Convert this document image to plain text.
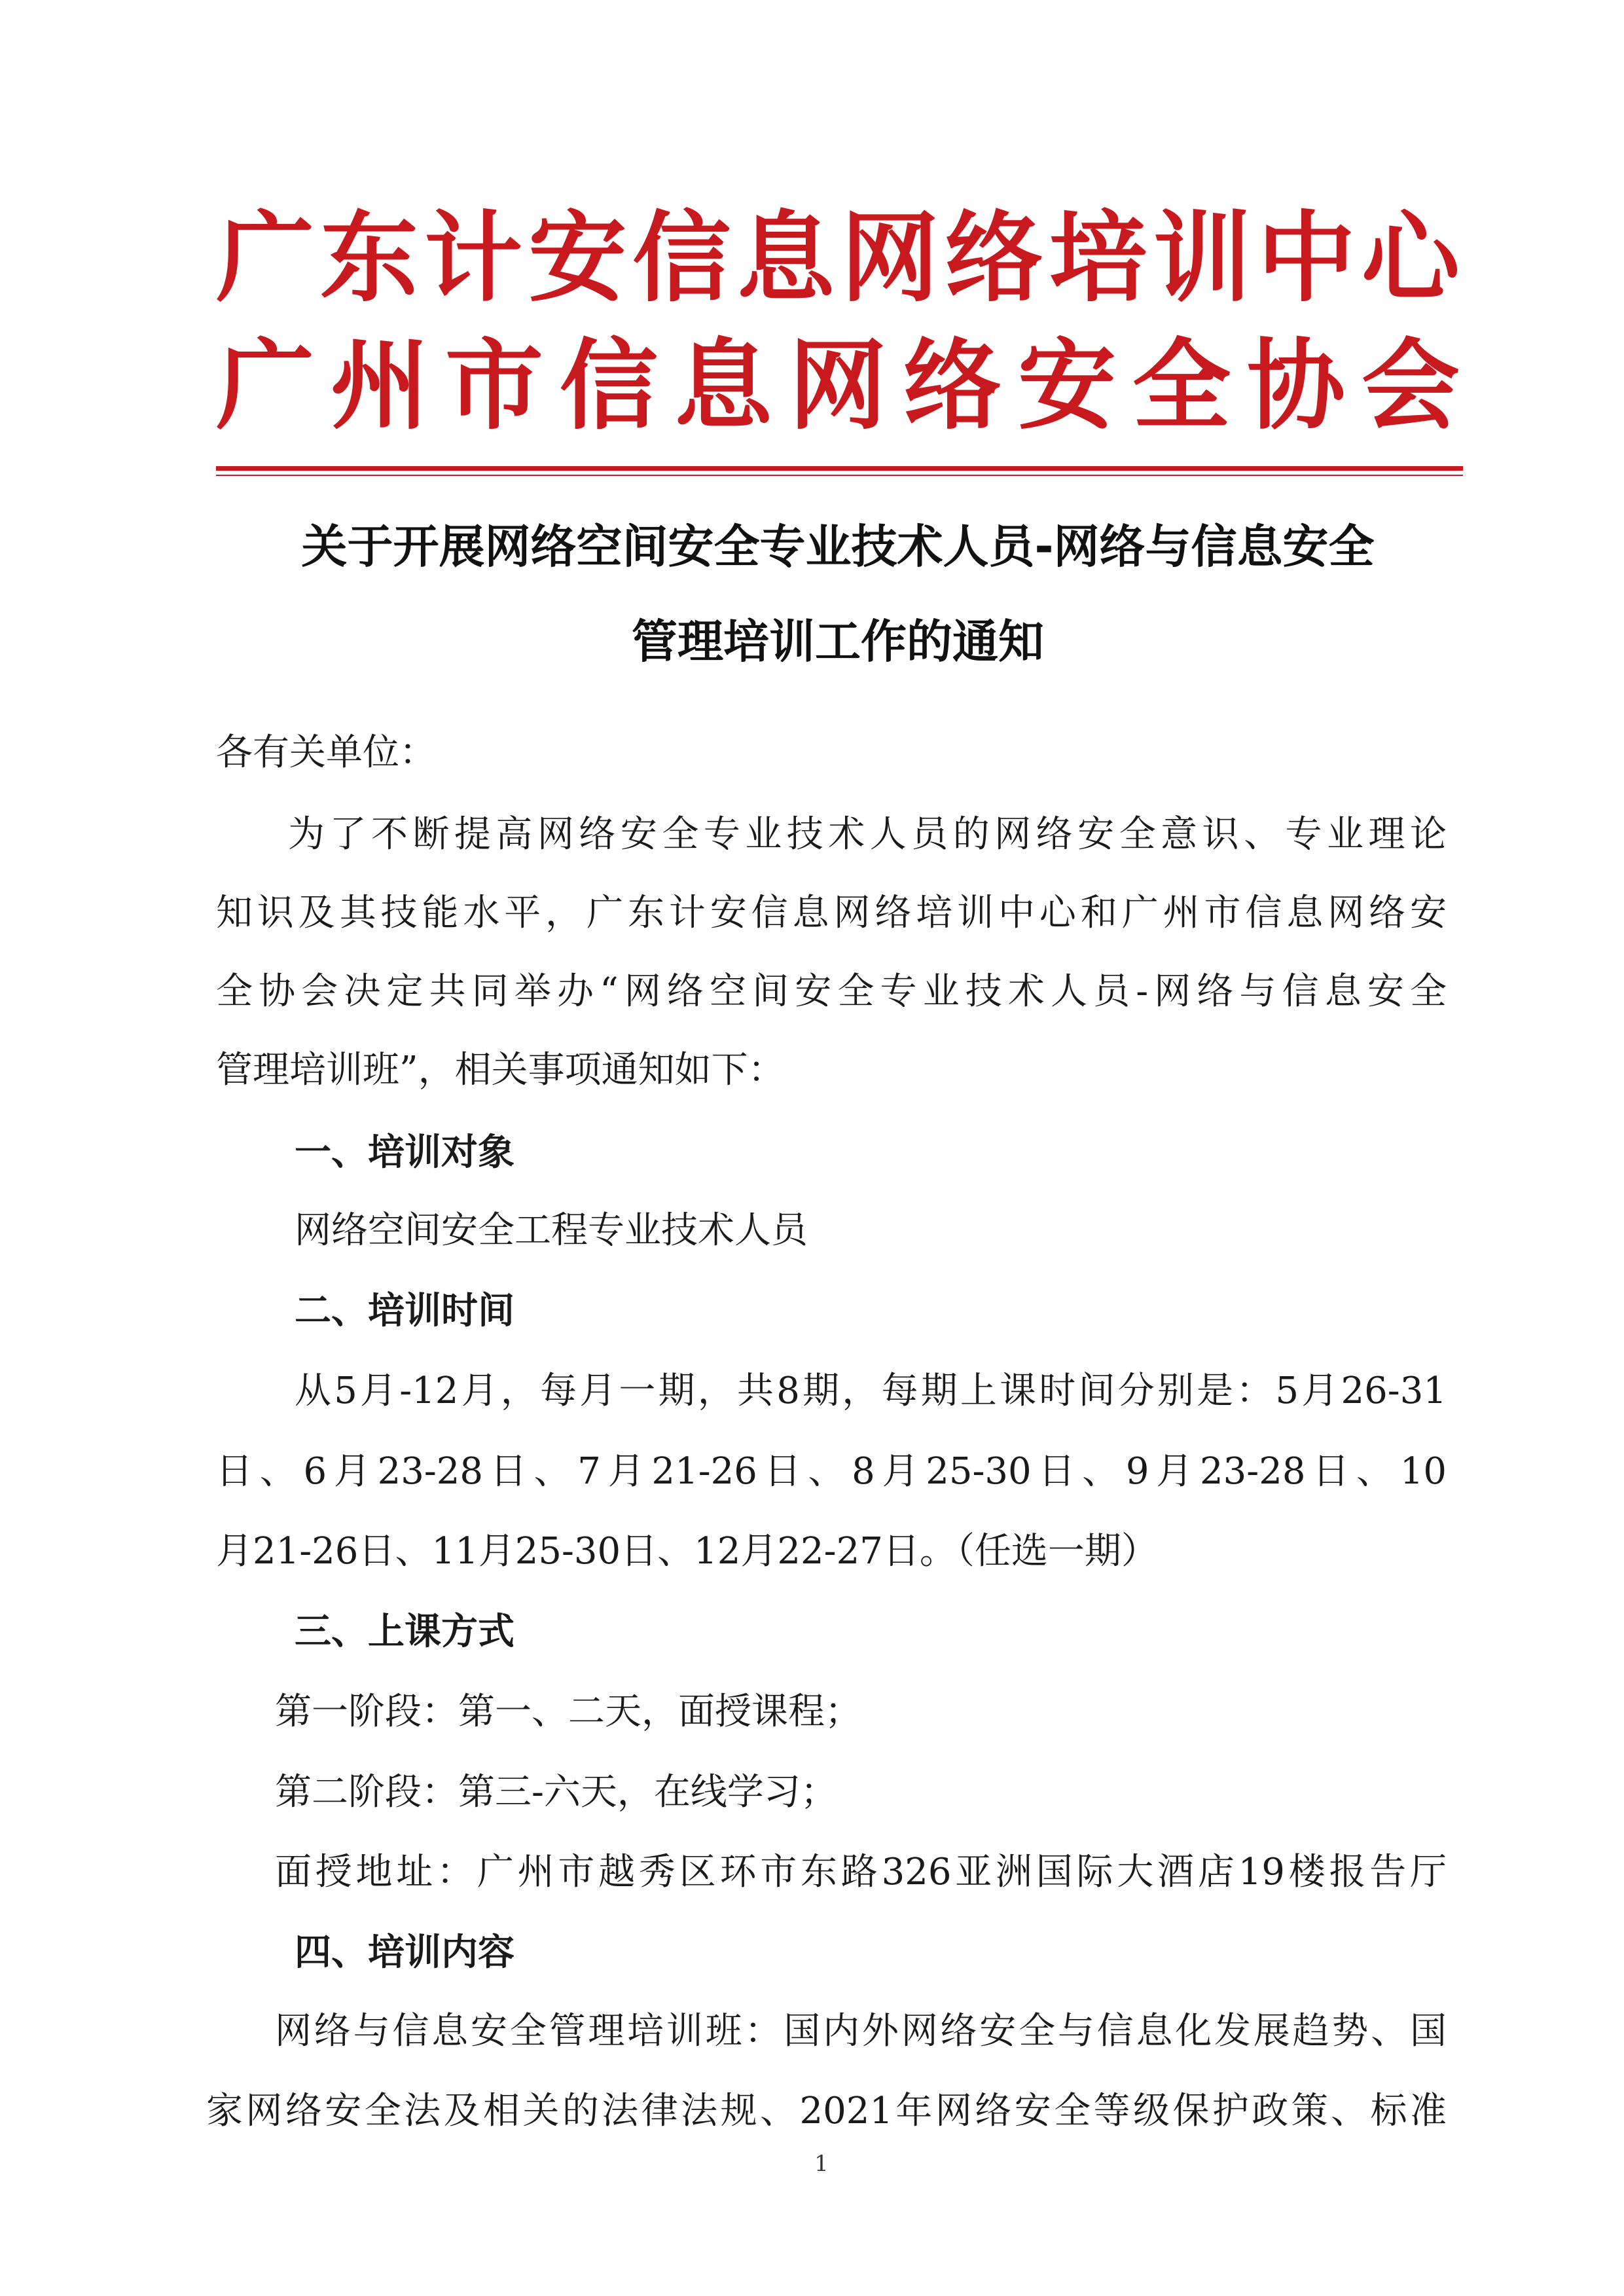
广东计安信息网络培训中心
广州市信息网络安全协会
关于开展网络空间安全专业技术人员-网络与信息安全
管理培训工作的通知
各有关单位：
为了不断提高网络安全专业技术人员的网络安全意识、专业理论
知识及其技能水平，广东计安信息网络培训中心和广州市信息网络安
全协会决定共同举办“网络空间安全专业技术人员-网络与信息安全
管理培训班”，相关事项通知如下：
一、培训对象
网络空间安全工程专业技术人员
二、培训时间
从5月-12月，每月一期，共8期，每期上课时间分别是：5月26-31
日、6月23-28日、7月21-26日、8月25-30日、9月23-28日、10
月21-26日、11月25-30日、12月22-27日。（任选一期）
三、上课方式
第一阶段：第一、二天，面授课程；
第二阶段：第三-六天，在线学习；
面授地址：广州市越秀区环市东路326亚洲国际大酒店19楼报告厅
四、培训内容
网络与信息安全管理培训班：国内外网络安全与信息化发展趋势、国
家网络安全法及相关的法律法规、2021年网络安全等级保护政策、标准
1
